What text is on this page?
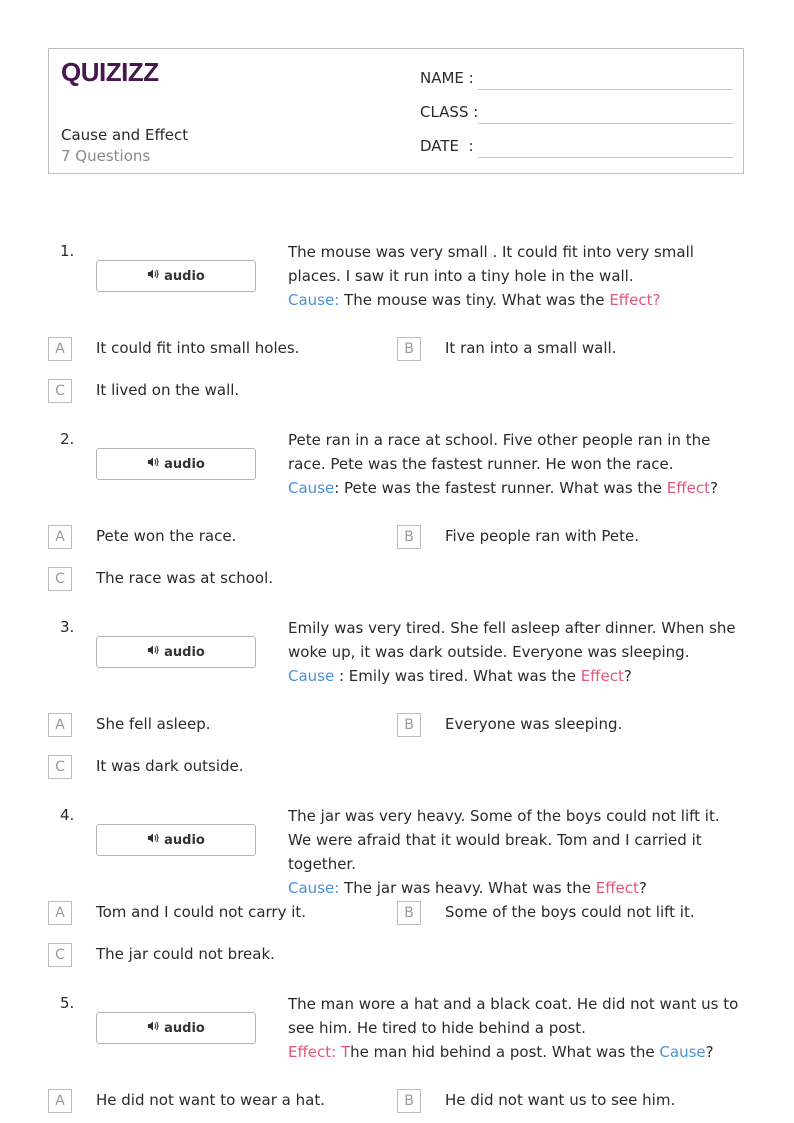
QUIZIZZ
Cause and Effect
7 Questions
NAME :
CLASS :
DATE  :
1.
audio
The mouse was very small . It could fit into very small places. I saw it run into a tiny hole in the wall.
Cause: The mouse was tiny. What was the Effect?
A	It could fit into small holes.	B	It ran into a small wall.
C	It lived on the wall.
2.
audio
Pete ran in a race at school. Five other people ran in the race. Pete was the fastest runner. He won the race.
Cause: Pete was the fastest runner. What was the Effect?
A	Pete won the race.	B	Five people ran with Pete.
C	The race was at school.
3.
audio
Emily was very tired. She fell asleep after dinner. When she woke up, it was dark outside. Everyone was sleeping.
Cause : Emily was tired. What was the Effect?
A	She fell asleep.	B	Everyone was sleeping.
C	It was dark outside.
4.
audio
The jar was very heavy. Some of the boys could not lift it. We were afraid that it would break. Tom and I carried it together.
Cause: The jar was heavy. What was the Effect?
A	Tom and I could not carry it.	B	Some of the boys could not lift it.
C	The jar could not break.
5.
audio
The man wore a hat and a black coat. He did not want us to see him. He tired to hide behind a post.
Effect: The man hid behind a post. What was the Cause?
A	He did not want to wear a hat.	B	He did not want us to see him.
